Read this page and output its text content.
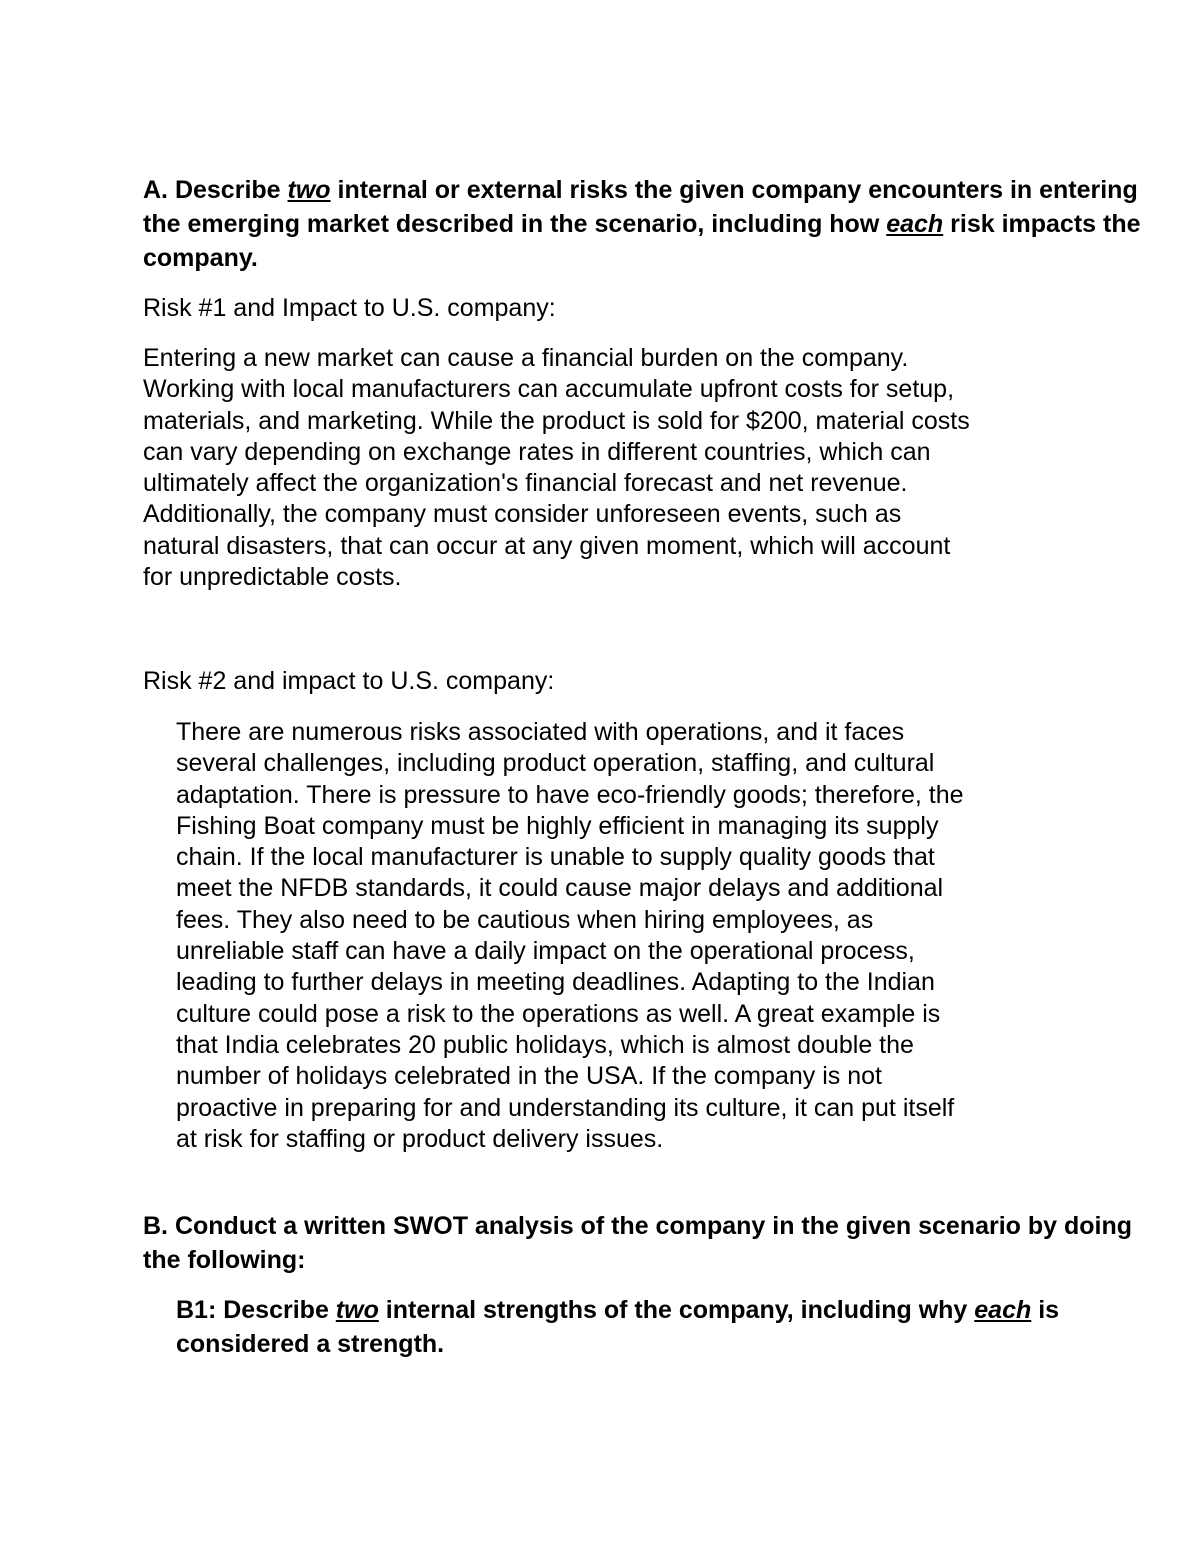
A. Describe two internal or external risks the given company encounters in entering the emerging market described in the scenario, including how each risk impacts the company.

Risk #1 and Impact to U.S. company:

Entering a new market can cause a financial burden on the company.
Working with local manufacturers can accumulate upfront costs for setup,
materials, and marketing. While the product is sold for $200, material costs
can vary depending on exchange rates in different countries, which can
ultimately affect the organization's financial forecast and net revenue.
Additionally, the company must consider unforeseen events, such as
natural disasters, that can occur at any given moment, which will account
for unpredictable costs.

Risk #2 and impact to U.S. company:

There are numerous risks associated with operations, and it faces
several challenges, including product operation, staffing, and cultural
adaptation. There is pressure to have eco-friendly goods; therefore, the
Fishing Boat company must be highly efficient in managing its supply
chain. If the local manufacturer is unable to supply quality goods that
meet the NFDB standards, it could cause major delays and additional
fees. They also need to be cautious when hiring employees, as
unreliable staff can have a daily impact on the operational process,
leading to further delays in meeting deadlines. Adapting to the Indian
culture could pose a risk to the operations as well. A great example is
that India celebrates 20 public holidays, which is almost double the
number of holidays celebrated in the USA. If the company is not
proactive in preparing for and understanding its culture, it can put itself
at risk for staffing or product delivery issues.

B. Conduct a written SWOT analysis of the company in the given scenario by doing the following:

B1: Describe two internal strengths of the company, including why each is considered a strength.
